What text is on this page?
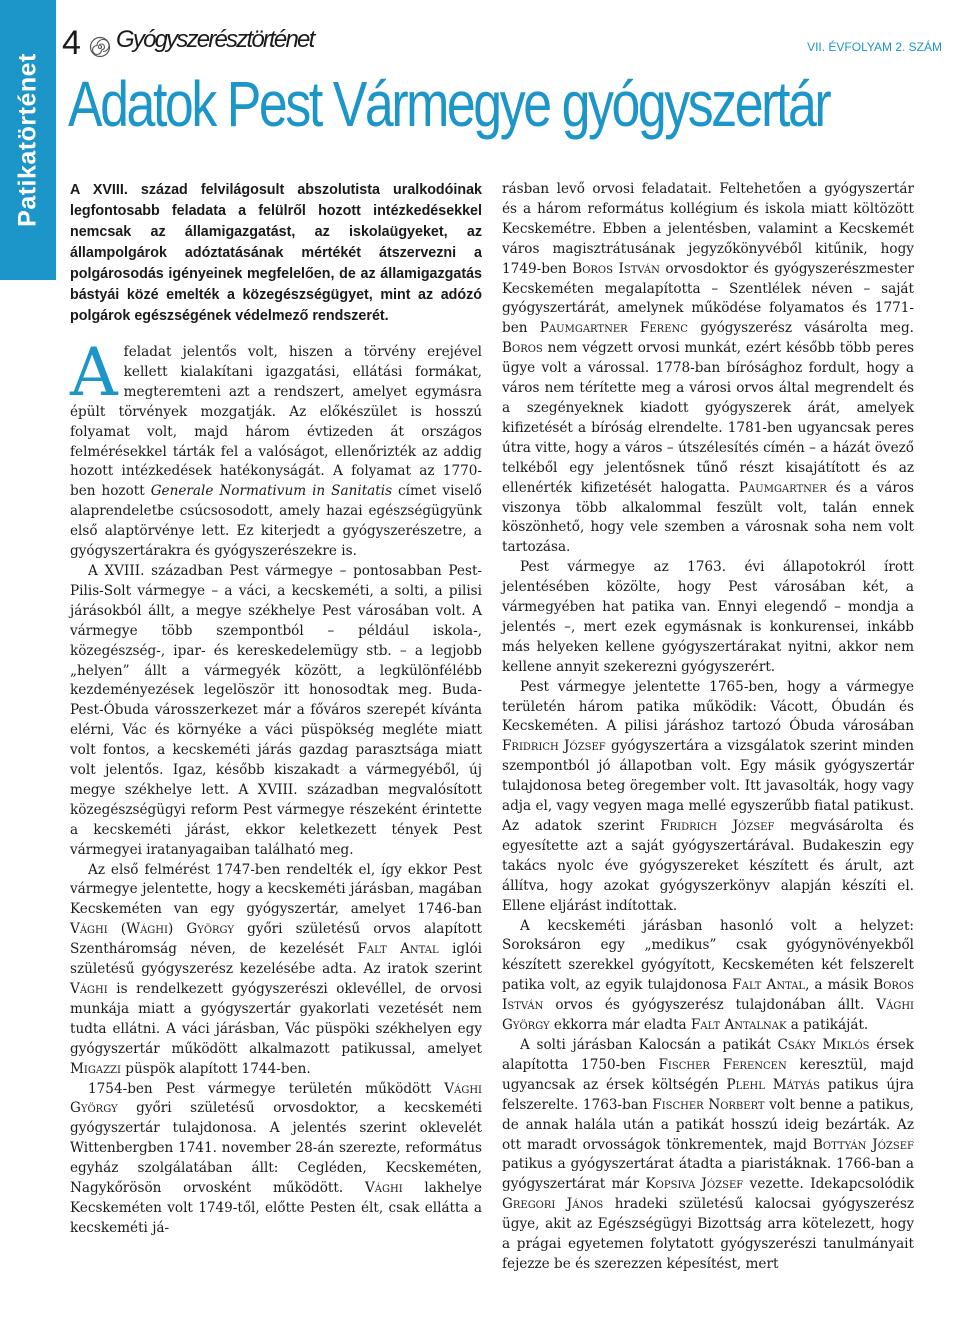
Patikatörténet
4 Gyógyszerésztörténet	VII. ÉVFOLYAM 2. SZÁM
Adatok Pest Vármegye gyógyszertár

A XVIII. század felvilágosult abszolutista uralkodóinak legfontosabb feladata a felülről hozott intézkedésekkel nemcsak az államigazgatást, az iskolaügyeket, az állampolgárok adóztatásának mértékét átszervezni a polgárosodás igényeinek megfelelően, de az államigazgatás bástyái közé emelték a közegészségügyet, mint az adózó polgárok egészségének védelmező rendszerét.

Afeladat jelentős volt, hiszen a törvény erejével kellett kialakítani igazgatási, ellátási formákat, megteremteni azt a rendszert, amelyet egymásra épült törvények mozgatják. Az előkészület is hosszú folyamat volt, majd három évtizeden át országos felmérésekkel tárták fel a valóságot, ellenőrizték az addig hozott intézkedések hatékonyságát. A folyamat az 1770-ben hozott Generale Normativum in Sanitatis címet viselő alaprendeletbe csúcsosodott, amely hazai egészségügyünk első alaptörvénye lett. Ez kiterjedt a gyógyszerészetre, a gyógyszertárakra és gyógyszerészekre is.

A XVIII. században Pest vármegye – pontosabban Pest-Pilis-Solt vármegye – a váci, a kecskeméti, a solti, a pilisi járásokból állt, a megye székhelye Pest városában volt. A vármegye több szempontból – például iskola-, közegészség-, ipar- és kereskedelemügy stb. – a legjobb „helyen” állt a vármegyék között, a legkülönfélébb kezdeményezések legelöször itt honosodtak meg. Buda-Pest-Óbuda városszerkezet már a főváros szerepét kívánta elérni, Vác és környéke a váci püspökség megléte miatt volt fontos, a kecskeméti járás gazdag parasztsága miatt volt jelentős. Igaz, később kiszakadt a vármegyéből, új megye székhelye lett. A XVIII. században megvalósított közegészségügyi reform Pest vármegye részeként érintette a kecskeméti járást, ekkor keletkezett tények Pest vármegyei iratanyagaiban található meg.

Az első felmérést 1747-ben rendelték el, így ekkor Pest vármegye jelentette, hogy a kecskeméti járásban, magában Kecskeméten van egy gyógyszertár, amelyet 1746-ban Vághi (Wághi) György győri születésű orvos alapított Szentháromság néven, de kezelését Falt Antal iglói születésű gyógyszerész kezelésébe adta. Az iratok szerint Vághi is rendelkezett gyógyszerészi oklevéllel, de orvosi munkája miatt a gyógyszertár gyakorlati vezetését nem tudta ellátni. A váci járásban, Vác püspöki székhelyen egy gyógyszertár működött alkalmazott patikussal, amelyet Migazzi püspök alapított 1744-ben.

1754-ben Pest vármegye területén működött Vághi György győri születésű orvosdoktor, a kecskeméti gyógyszertár tulajdonosa. A jelentés szerint oklevelét Wittenbergben 1741. november 28-án szerezte, református egyház szolgálatában állt: Cegléden, Kecskeméten, Nagykőrösön orvosként működött. Vághi lakhelye Kecskeméten volt 1749-től, előtte Pesten élt, csak ellátta a kecskeméti já-

rásban levő orvosi feladatait. Feltehetően a gyógyszertár és a három református kollégium és iskola miatt költözött Kecskemétre. Ebben a jelentésben, valamint a Kecskemét város magisztrátusának jegyzőkönyvéből kitűnik, hogy 1749-ben Boros István orvosdoktor és gyógyszerészmester Kecskeméten megalapította – Szentlélek néven – saját gyógyszertárát, amelynek működése folyamatos és 1771-ben Paumgartner Ferenc gyógyszerész vásárolta meg. Boros nem végzett orvosi munkát, ezért később több peres ügye volt a várossal. 1778-ban bírósághoz fordult, hogy a város nem térítette meg a városi orvos által megrendelt és a szegényeknek kiadott gyógyszerek árát, amelyek kifizetését a bíróság elrendelte. 1781-ben ugyancsak peres útra vitte, hogy a város – útszélesítés címén – a házát övező telkéből egy jelentősnek tűnő részt kisajátított és az ellenérték kifizetését halogatta. Paumgartner és a város viszonya több alkalommal feszült volt, talán ennek köszönhető, hogy vele szemben a városnak soha nem volt tartozása.

Pest vármegye az 1763. évi állapotokról írott jelentésében közölte, hogy Pest városában két, a vármegyében hat patika van. Ennyi elegendő – mondja a jelentés –, mert ezek egymásnak is konkurensei, inkább más helyeken kellene gyógyszertárakat nyitni, akkor nem kellene annyit szekerezni gyógyszerért.

Pest vármegye jelentette 1765-ben, hogy a vármegye területén három patika működik: Vácott, Óbudán és Kecskeméten. A pilisi járáshoz tartozó Óbuda városában Fridrich József gyógyszertára a vizsgálatok szerint minden szempontból jó állapotban volt. Egy másik gyógyszertár tulajdonosa beteg öregember volt. Itt javasolták, hogy vagy adja el, vagy vegyen maga mellé egyszerűbb fiatal patikust. Az adatok szerint Fridrich József megvásárolta és egyesítette azt a saját gyógyszertárával. Budakeszin egy takács nyolc éve gyógyszereket készített és árult, azt állítva, hogy azokat gyógyszerkönyv alapján készíti el. Ellene eljárást indítottak.

A kecskeméti járásban hasonló volt a helyzet: Soroksáron egy „medikus” csak gyógynövényekből készített szerekkel gyógyított, Kecskeméten két felszerelt patika volt, az egyik tulajdonosa Falt Antal, a másik Boros István orvos és gyógyszerész tulajdonában állt. Vághi György ekkorra már eladta Falt Antalnak a patikáját.

A solti járásban Kalocsán a patikát Csáky Miklós érsek alapította 1750-ben Fischer Ferencen keresztül, majd ugyancsak az érsek költségén Plehl Mátyás patikus újra felszerelte. 1763-ban Fischer Norbert volt benne a patikus, de annak halála után a patikát hosszú ideig bezárták. Az ott maradt orvosságok tönkrementek, majd Bottyán József patikus a gyógyszertárat átadta a piaristáknak. 1766-ban a gyógyszertárat már Kopsiva József vezette. Idekapcsolódik Gregori János hradeki születésű kalocsai gyógyszerész ügye, akit az Egészségügyi Bizottság arra kötelezett, hogy a prágai egyetemen folytatott gyógyszerészi tanulmányait fejezze be és szerezzen képesítést, mert
